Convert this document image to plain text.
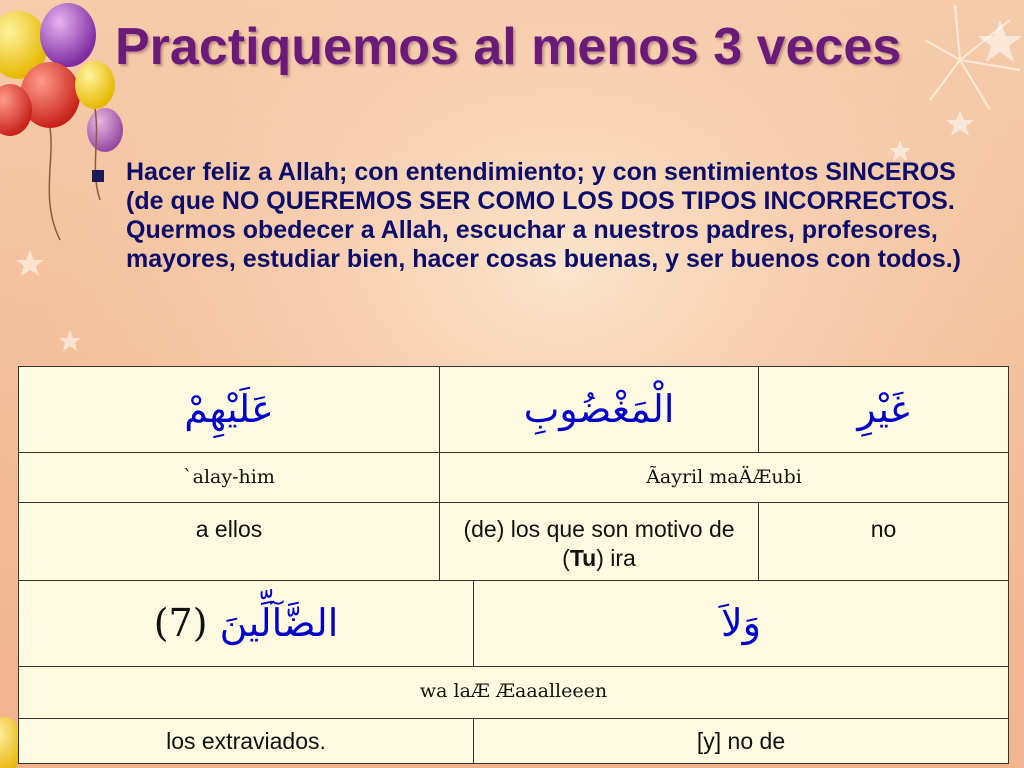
Practiquemos al menos 3 veces
Hacer feliz a Allah; con entendimiento; y con sentimientos SINCEROS (de que NO QUEREMOS SER COMO LOS DOS TIPOS INCORRECTOS. Quermos obedecer a Allah, escuchar a nuestros padres, profesores, mayores, estudiar bien, hacer cosas buenas, y ser buenos con todos.)
عَلَيْهِمْ	الْمَغْضُوبِ		غَيْرِ
`alay-him	Ãayril maÄÆubi		
a ellos	(de) los que son motivo de (Tu) ira		no
(7) الضَّآلِّينَ		وَلاَ	
wa laÆ Æaaalleeen			
los extraviados.		[y] no de	
